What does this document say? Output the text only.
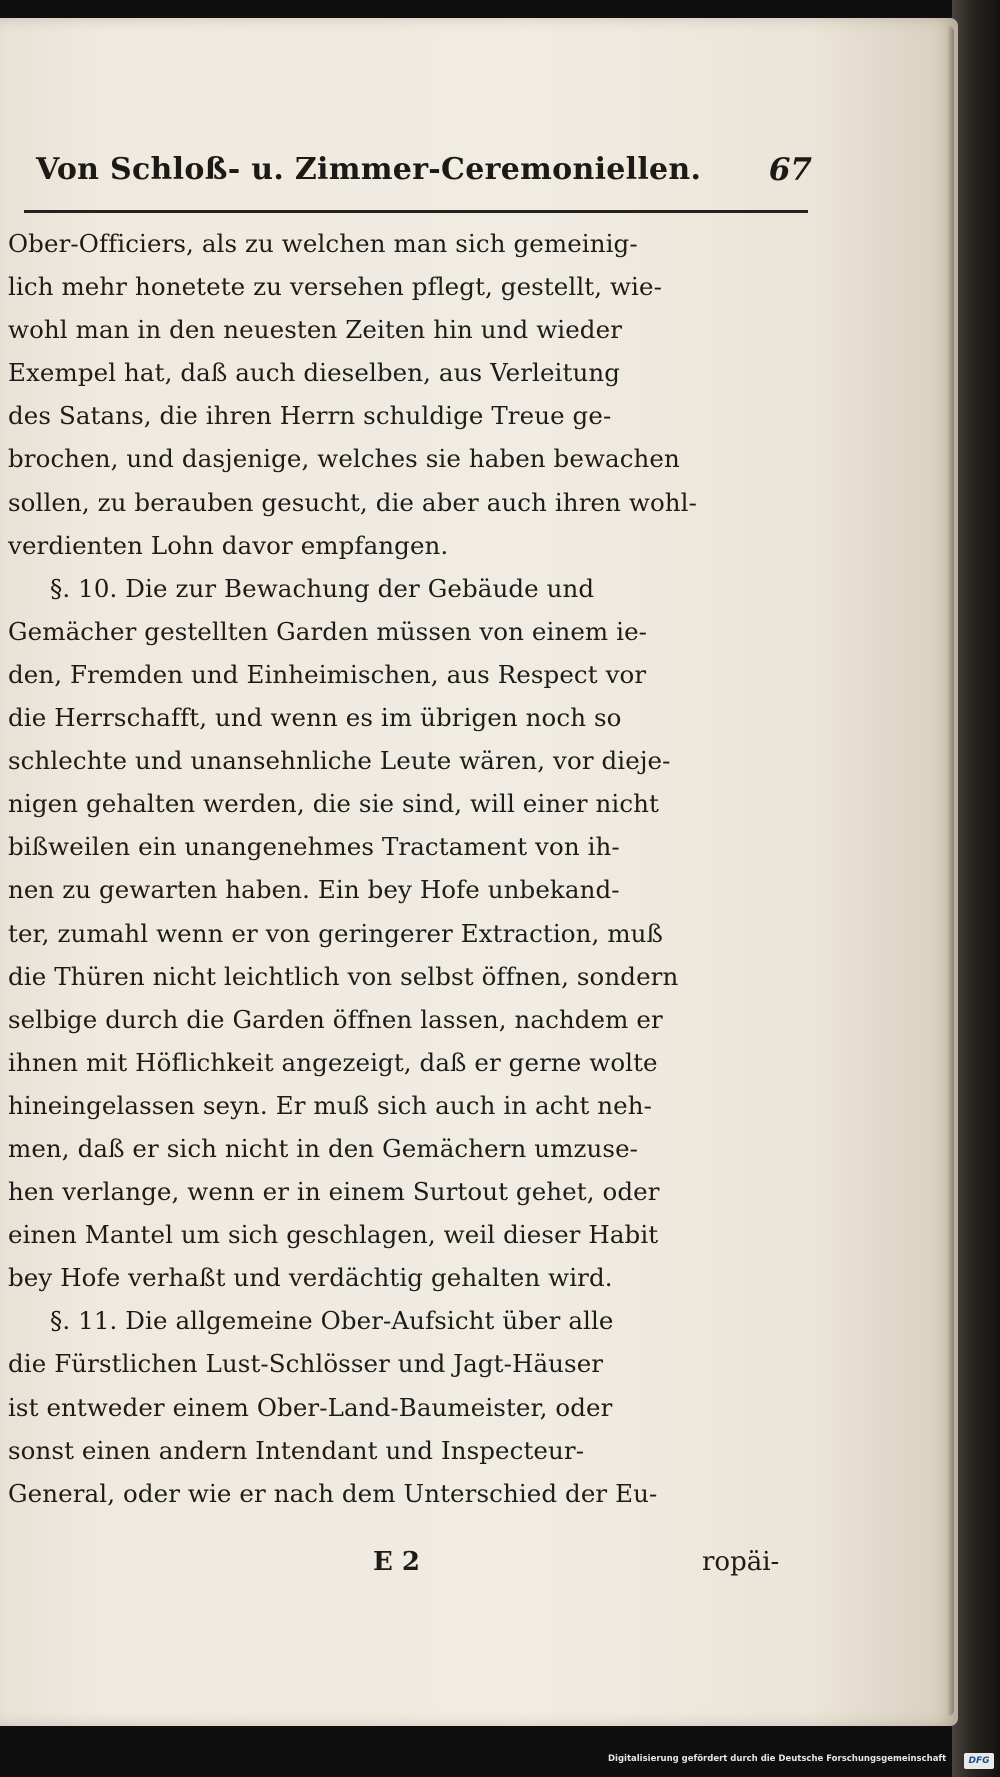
Von Schloß- u. Zimmer-Ceremoniellen. 67
Ober-Officiers, als zu welchen man sich gemeinig-
lich mehr honetete zu versehen pflegt, gestellt, wie-
wohl man in den neuesten Zeiten hin und wieder
Exempel hat, daß auch dieselben, aus Verleitung
des Satans, die ihren Herrn schuldige Treue ge-
brochen, und dasjenige, welches sie haben bewachen
sollen, zu berauben gesucht, die aber auch ihren wohl-
verdienten Lohn davor empfangen.
§. 10. Die zur Bewachung der Gebäude und
Gemächer gestellten Garden müssen von einem ie-
den, Fremden und Einheimischen, aus Respect vor
die Herrschafft, und wenn es im übrigen noch so
schlechte und unansehnliche Leute wären, vor dieje-
nigen gehalten werden, die sie sind, will einer nicht
bißweilen ein unangenehmes Tractament von ih-
nen zu gewarten haben. Ein bey Hofe unbekand-
ter, zumahl wenn er von geringerer Extraction, muß
die Thüren nicht leichtlich von selbst öffnen, sondern
selbige durch die Garden öffnen lassen, nachdem er
ihnen mit Höflichkeit angezeigt, daß er gerne wolte
hineingelassen seyn. Er muß sich auch in acht neh-
men, daß er sich nicht in den Gemächern umzuse-
hen verlange, wenn er in einem Surtout gehet, oder
einen Mantel um sich geschlagen, weil dieser Habit
bey Hofe verhaßt und verdächtig gehalten wird.
§. 11. Die allgemeine Ober-Aufsicht über alle
die Fürstlichen Lust-Schlösser und Jagt-Häuser
ist entweder einem Ober-Land-Baumeister, oder
sonst einen andern Intendant und Inspecteur-
General, oder wie er nach dem Unterschied der Eu-
E 2	ropäi-
Digitalisierung gefördert durch die Deutsche Forschungsgemeinschaft	DFG
